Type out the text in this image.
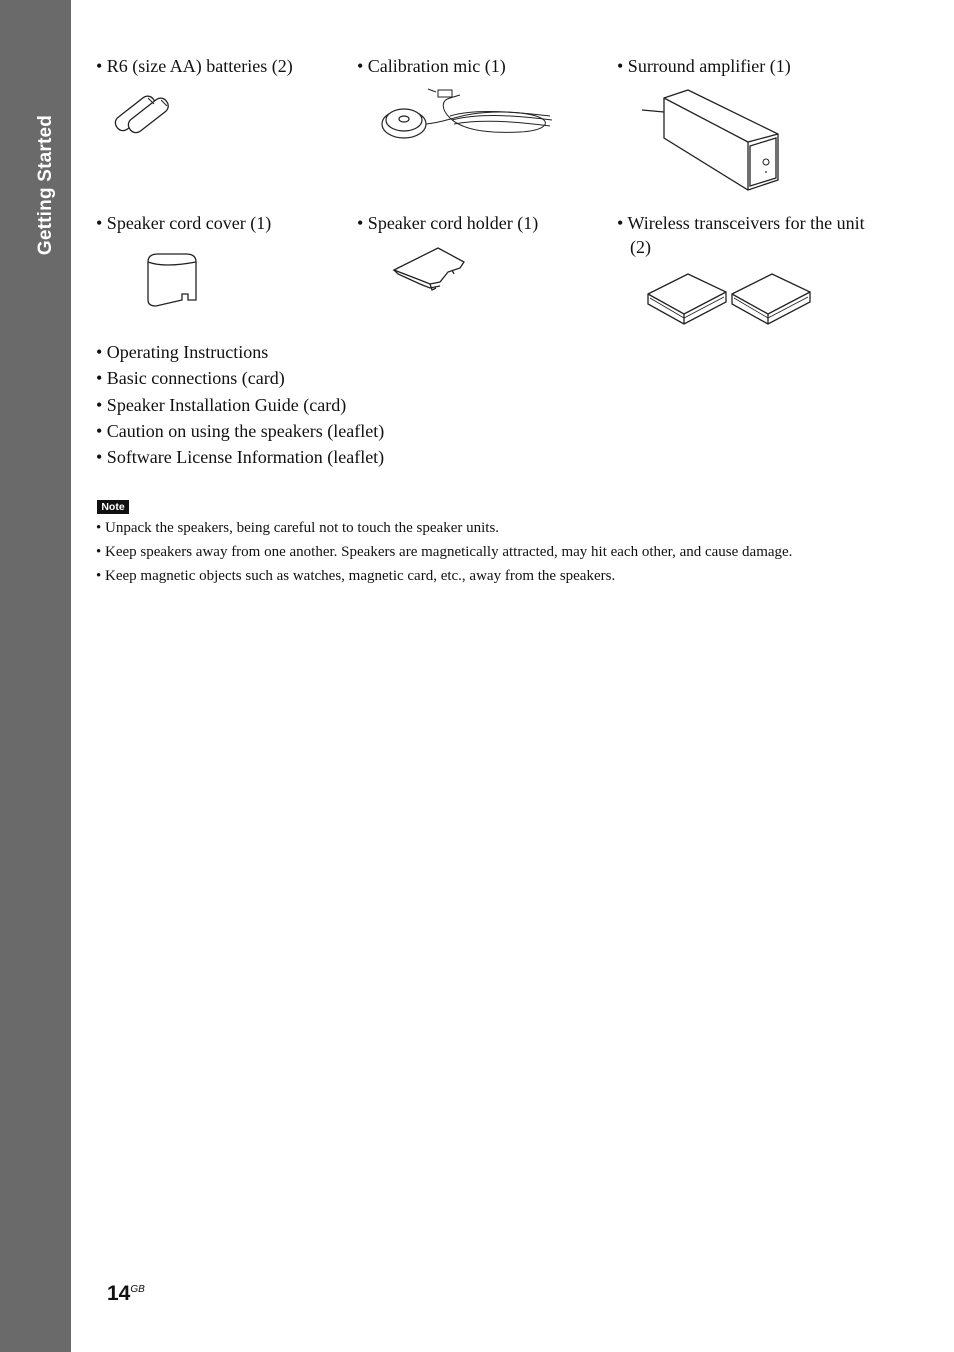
Getting Started
• R6 (size AA) batteries (2)	• Calibration mic (1)	• Surround amplifier (1)
• Speaker cord cover (1)	• Speaker cord holder (1)	• Wireless transceivers for the unit (2)
• Operating Instructions
• Basic connections (card)
• Speaker Installation Guide (card)
• Caution on using the speakers (leaflet)
• Software License Information (leaflet)
Note
• Unpack the speakers, being careful not to touch the speaker units.
• Keep speakers away from one another. Speakers are magnetically attracted, may hit each other, and cause damage.
• Keep magnetic objects such as watches, magnetic card, etc., away from the speakers.
$14^{GB}$
